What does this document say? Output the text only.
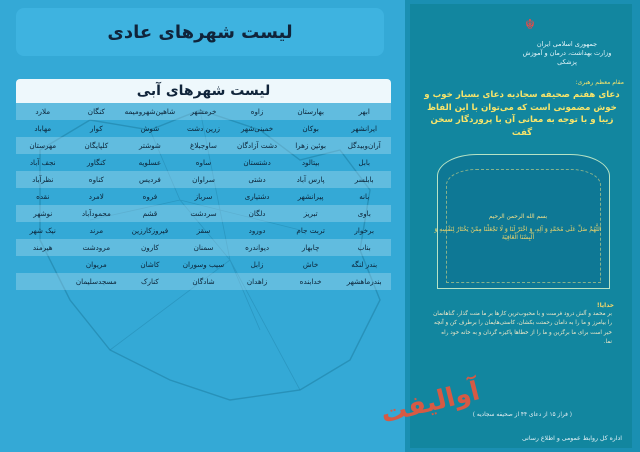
لیست شهرهای عادی
لیست شهرهای آبی
ابهر
بهارستان
زاوه
خرمشهر
شاهین‌شهرومیمه
کنگان
ملارد
ایرانشهر
بوکان
خمینی‌شهر
زرین دشت
شوش
کوار
مهاباد
آران‌وبیدگل
بوئین زهرا
دشت آزادگان
ساوجبلاغ
شوشتر
کلپایگان
مهرستان
بابل
بیتالود
دشتستان
ساوه
عسلویه
کنگاور
نجف آباد
بابلسر
پارس آباد
دشتی
سراوان
فردیس
کناوه
نظرآباد
بانه
پیرانشهر
دشتیاری
سرباز
فروه
لامرد
نقده
باوی
تبریز
دلگان
سردشت
قشم
محمودآباد
نوشهر
برخوار
تربت جام
دورود
سقز
فیروزکارزین
مرند
نیک شهر
بناب
چابهار
دیواندره
سمنان
کارون
مرودشت
هیرمند
بندر لنگه
خاش
زابل
سیب وسوران
کاشان
مریوان
بندرماهشهر
خدابنده
زاهدان
شادگان
کنارک
مسجدسلیمان
☬
جمهوری اسلامی ایران
وزارت بهداشت، درمان و آموزش پزشکی
مقام معظم رهبری:
دعای هفتم صحیفه سجادیه دعای بسیار خوب و خوش مضمونی است که می‌توان با این الفاظ زیبا و با توجه به معانی آن با پروردگار سخن گفت
بسم الله الرحمن الرحیم
اللَّهُمَّ صَلِّ عَلَى مُحَمَّدٍ وَ آلِهِ، وَ اخْتَرْ لَنَا وَ لَا تَجْعَلْنَا مِمَّنْ يَخْتَارُ لِنَفْسِهِ وَ أَلْبِسْنَا الْعَافِيَةَ
خدایا!
بر محمد و آلش درود فرست و با محبوب‌ترین کارها بر ما منت گذار، گناهانمان را بیامرز و ما را به دامان رحمتت بکشان، کاستی‌هایمان را برطرف کن و آنچه خیر است برای ما برگزین و ما را از خطاها پاکیزه گردان و به خانه خود راه نما.
( فراز ۱۵ از دعای ۴۴ از صحیفه سجادیه )
اداره کل روابط عمومی و اطلاع رسانی
آوالیفت
